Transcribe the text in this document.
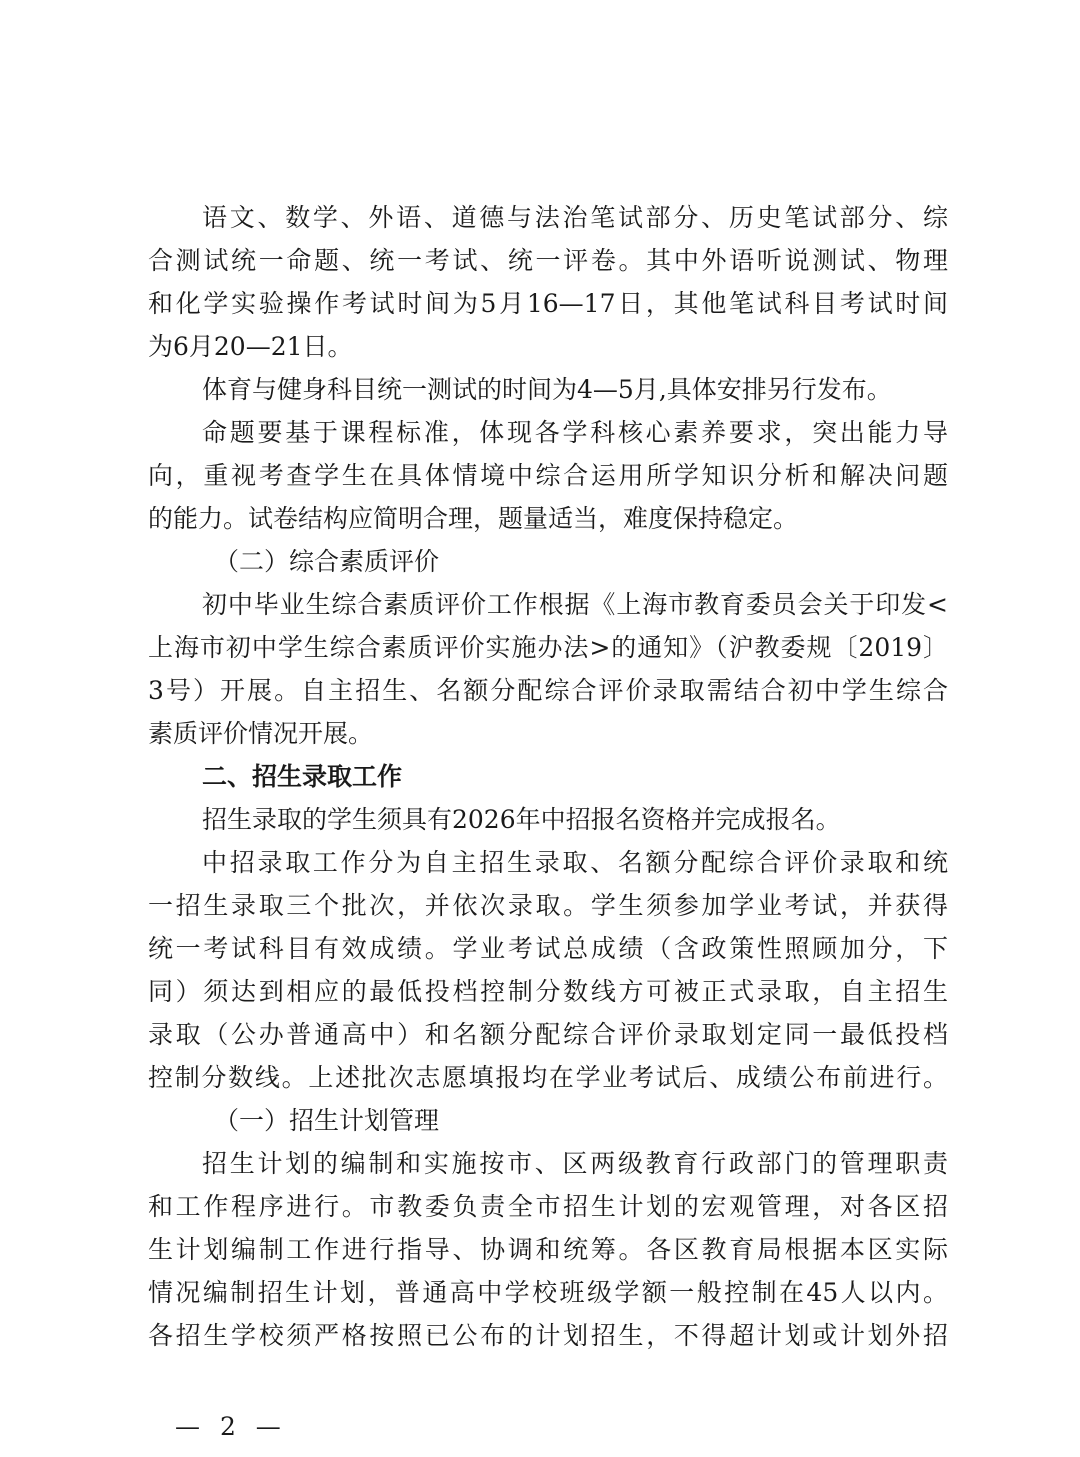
语文、数学、外语、道德与法治笔试部分、历史笔试部分、综
合测试统一命题、统一考试、统一评卷。其中外语听说测试、物理
和化学实验操作考试时间为5月16—17日，其他笔试科目考试时间
为6月20—21日。
体育与健身科目统一测试的时间为4—5月,具体安排另行发布。
命题要基于课程标准，体现各学科核心素养要求，突出能力导
向，重视考查学生在具体情境中综合运用所学知识分析和解决问题
的能力。试卷结构应简明合理，题量适当，难度保持稳定。
（二）综合素质评价
初中毕业生综合素质评价工作根据《上海市教育委员会关于印发<
上海市初中学生综合素质评价实施办法>的通知》（沪教委规〔2019〕
3号）开展。自主招生、名额分配综合评价录取需结合初中学生综合
素质评价情况开展。
二、招生录取工作
招生录取的学生须具有2026年中招报名资格并完成报名。
中招录取工作分为自主招生录取、名额分配综合评价录取和统
一招生录取三个批次，并依次录取。学生须参加学业考试，并获得
统一考试科目有效成绩。学业考试总成绩（含政策性照顾加分，下
同）须达到相应的最低投档控制分数线方可被正式录取，自主招生
录取（公办普通高中）和名额分配综合评价录取划定同一最低投档
控制分数线。上述批次志愿填报均在学业考试后、成绩公布前进行。
（一）招生计划管理
招生计划的编制和实施按市、区两级教育行政部门的管理职责
和工作程序进行。市教委负责全市招生计划的宏观管理，对各区招
生计划编制工作进行指导、协调和统筹。各区教育局根据本区实际
情况编制招生计划，普通高中学校班级学额一般控制在45人以内。
各招生学校须严格按照已公布的计划招生，不得超计划或计划外招
— 2 —
